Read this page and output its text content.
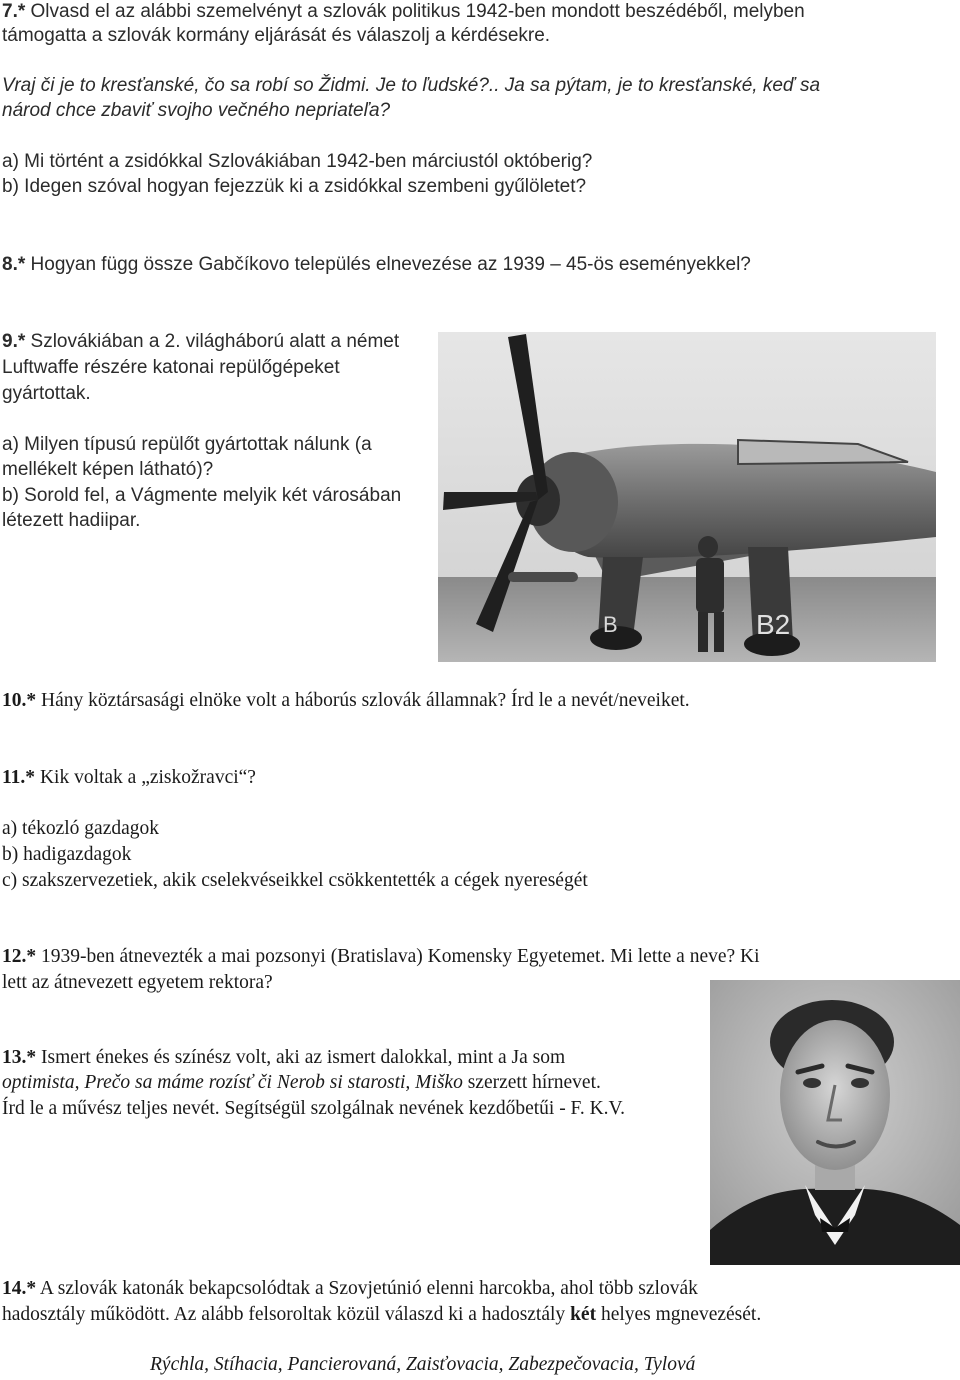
7.* Olvasd el az alábbi szemelvényt a szlovák politikus 1942-ben mondott beszédéből, melyben
támogatta a szlovák kormány eljárását és válaszolj a kérdésekre.
Vraj či je to kresťanské, čo sa robí so Židmi. Je to ľudské?.. Ja sa pýtam, je to kresťanské, keď sa
národ chce zbaviť svojho večného nepriateľa?
a) Mi történt a zsidókkal Szlovákiában 1942-ben márciustól októberig?
b) Idegen szóval hogyan fejezzük ki a zsidókkal szembeni gyűlöletet?
8.* Hogyan függ össze Gabčíkovo település elnevezése az 1939 – 45-ös eseményekkel?
9.* Szlovákiában a 2. világháború alatt a német
Luftwaffe részére katonai repülőgépeket
gyártottak.
a) Milyen típusú repülőt gyártottak nálunk (a
mellékelt képen látható)?
b) Sorold fel, a Vágmente melyik két városában
létezett hadiipar.
B	B2
10.* Hány köztársasági elnöke volt a háborús szlovák államnak? Írd le a nevét/neveiket.
11.* Kik voltak a „ziskožravci“?
a) tékozló gazdagok
b) hadigazdagok
c) szakszervezetiek, akik cselekvéseikkel csökkentették a cégek nyereségét
12.* 1939-ben átnevezték a mai pozsonyi (Bratislava) Komensky Egyetemet. Mi lette a neve? Ki
lett az átnevezett egyetem rektora?
13.* Ismert énekes és színész volt, aki az ismert dalokkal, mint a Ja som
optimista, Prečo sa máme rozísť či Nerob si starosti, Miško szerzett hírnevet.
Írd le a művész teljes nevét. Segítségül szolgálnak nevének kezdőbetűi - F. K.V.
14.* A szlovák katonák bekapcsolódtak a Szovjetúnió elenni harcokba, ahol több szlovák
hadosztály működött. Az alább felsoroltak közül válaszd ki a hadosztály két helyes mgnevezését.
Rýchla, Stíhacia, Pancierovaná, Zaisťovacia, Zabezpečovacia, Tylová
